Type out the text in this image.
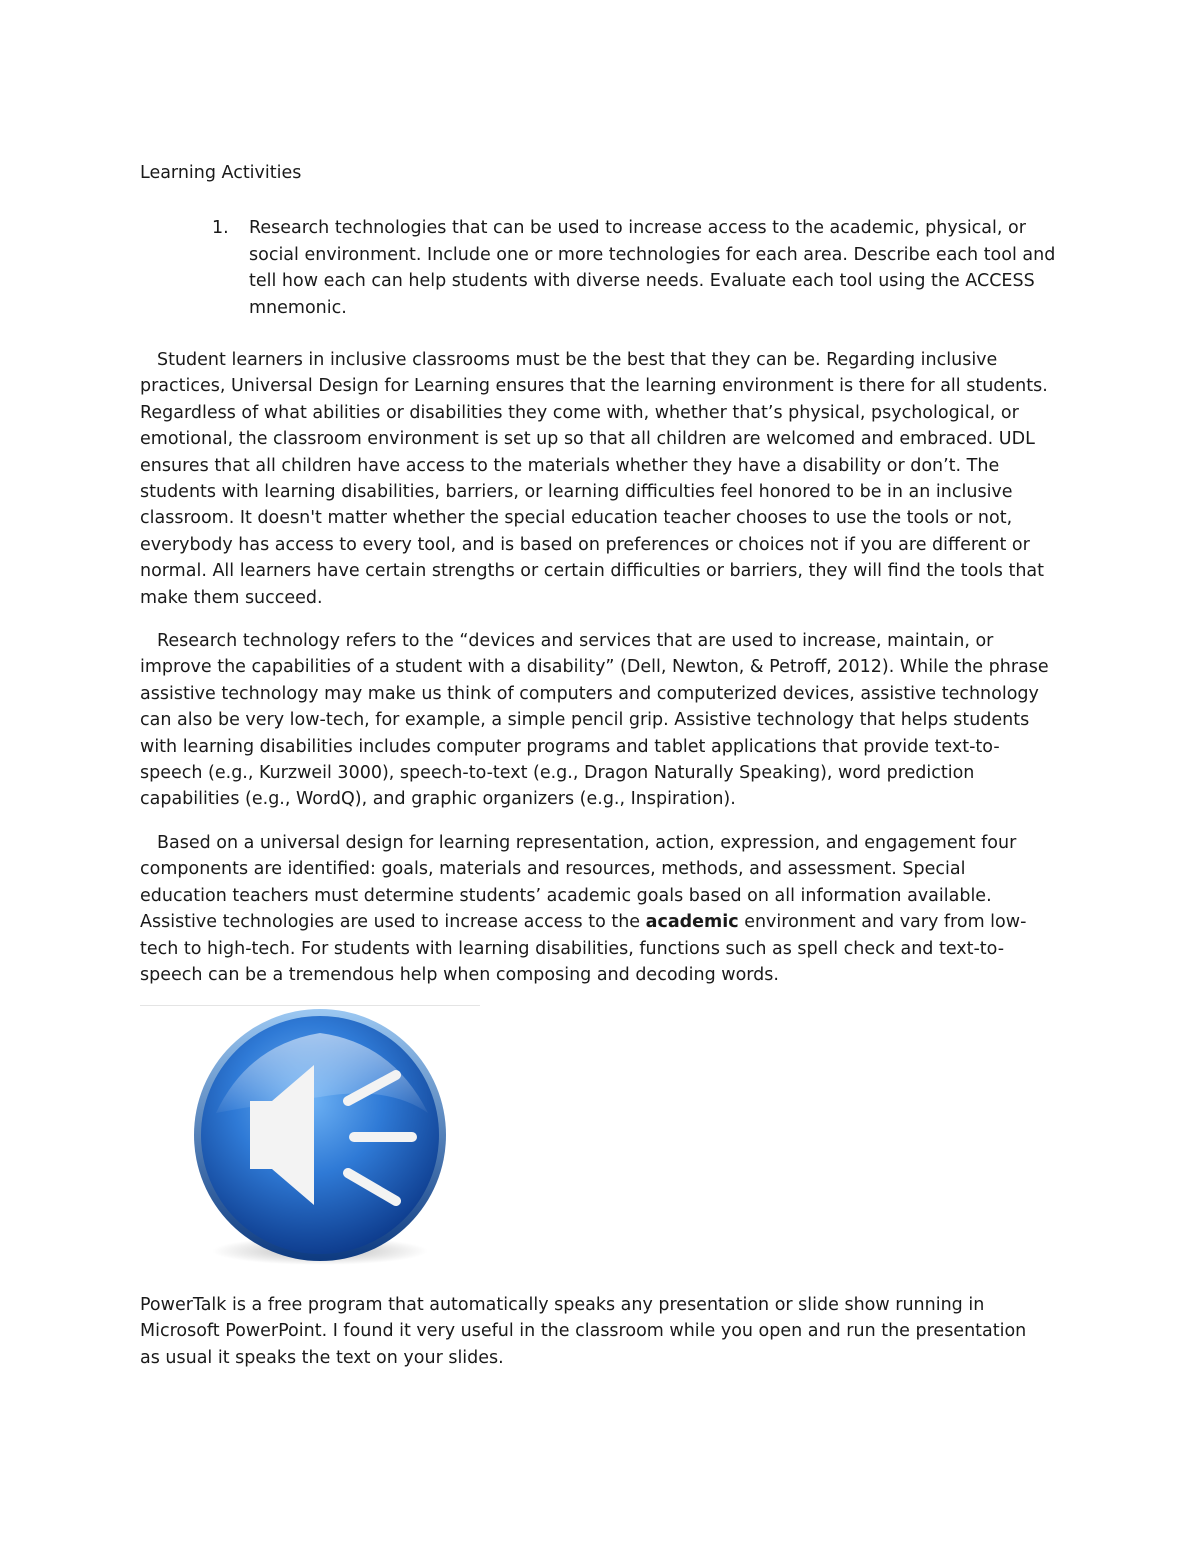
Learning Activities
1. Research technologies that can be used to increase access to the academic, physical, or social environment. Include one or more technologies for each area. Describe each tool and tell how each can help students with diverse needs. Evaluate each tool using the ACCESS mnemonic.

Student learners in inclusive classrooms must be the best that they can be. Regarding inclusive practices, Universal Design for Learning ensures that the learning environment is there for all students. Regardless of what abilities or disabilities they come with, whether that’s physical, psychological, or emotional, the classroom environment is set up so that all children are welcomed and embraced. UDL ensures that all children have access to the materials whether they have a disability or don’t. The students with learning disabilities, barriers, or learning difficulties feel honored to be in an inclusive classroom. It doesn't matter whether the special education teacher chooses to use the tools or not, everybody has access to every tool, and is based on preferences or choices not if you are different or normal. All learners have certain strengths or certain difficulties or barriers, they will find the tools that make them succeed.

Research technology refers to the “devices and services that are used to increase, maintain, or improve the capabilities of a student with a disability” (Dell, Newton, & Petroff, 2012). While the phrase assistive technology may make us think of computers and computerized devices, assistive technology can also be very low-tech, for example, a simple pencil grip. Assistive technology that helps students with learning disabilities includes computer programs and tablet applications that provide text-to-speech (e.g., Kurzweil 3000), speech-to-text (e.g., Dragon Naturally Speaking), word prediction capabilities (e.g., WordQ), and graphic organizers (e.g., Inspiration).

Based on a universal design for learning representation, action, expression, and engagement four components are identified: goals, materials and resources, methods, and assessment. Special education teachers must determine students’ academic goals based on all information available. Assistive technologies are used to increase access to the academic environment and vary from low-tech to high-tech. For students with learning disabilities, functions such as spell check and text-to-speech can be a tremendous help when composing and decoding words.

PowerTalk is a free program that automatically speaks any presentation or slide show running in Microsoft PowerPoint. I found it very useful in the classroom while you open and run the presentation as usual it speaks the text on your slides.
